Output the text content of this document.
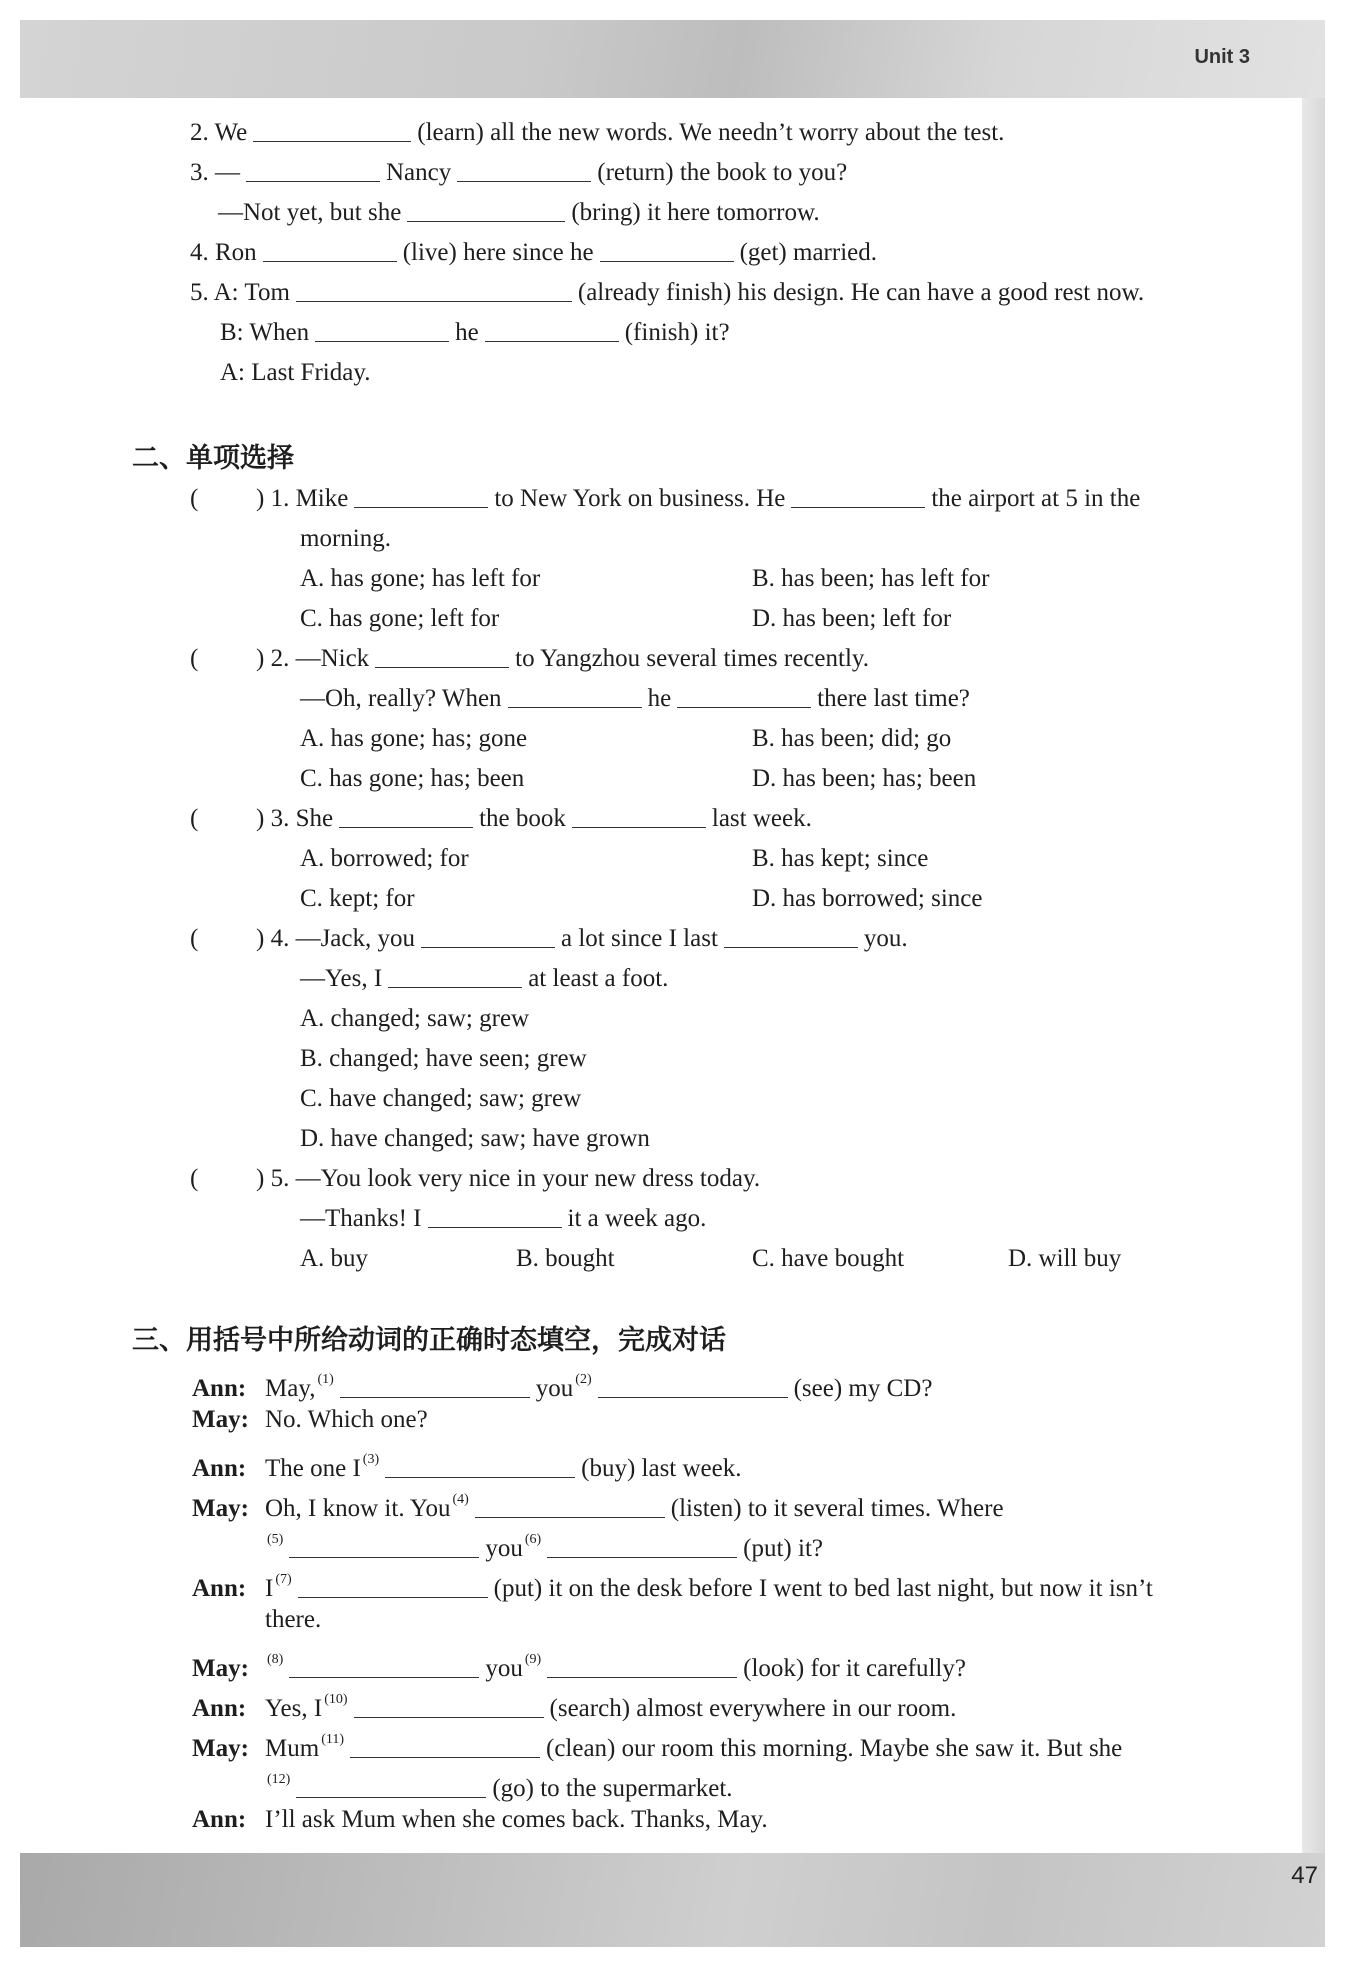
Unit 3
47
2. We	(learn) all the new words. We needn’t worry about the test.
3. —	Nancy	(return) the book to you?
—Not yet, but she	(bring) it here tomorrow.
4. Ron	(live) here since he	(get) married.
5. A: Tom	(already finish) his design. He can have a good rest now.
B: When	he	(finish) it?
A: Last Friday.
二、单项选择
( ) 1. Mike	to New York on business. He	the airport at 5 in the
morning.
A. has gone; has left for	B. has been; has left for
C. has gone; left for	D. has been; left for
( ) 2. —Nick	to Yangzhou several times recently.
—Oh, really? When	he	there last time?
A. has gone; has; gone	B. has been; did; go
C. has gone; has; been	D. has been; has; been
( ) 3. She	the book	last week.
A. borrowed; for	B. has kept; since
C. kept; for	D. has borrowed; since
( ) 4. —Jack, you	a lot since I last	you.
—Yes, I	at least a foot.
A. changed; saw; grew
B. changed; have seen; grew
C. have changed; saw; grew
D. have changed; saw; have grown
( ) 5. —You look very nice in your new dress today.
—Thanks! I	it a week ago.
A. buy	B. bought	C. have bought	D. will buy
三、用括号中所给动词的正确时态填空，完成对话
Ann: May, $^{(1)}$	you $^{(2)}$	(see) my CD?
May: No. Which one?
Ann: The one I $^{(3)}$	(buy) last week.
May: Oh, I know it. You $^{(4)}$	(listen) to it several times. Where
$^{(5)}$	you $^{(6)}$	(put) it?
Ann: I $^{(7)}$	(put) it on the desk before I went to bed last night, but now it isn’t
there.
May: $^{(8)}$	you $^{(9)}$	(look) for it carefully?
Ann: Yes, I $^{(10)}$	(search) almost everywhere in our room.
May: Mum $^{(11)}$	(clean) our room this morning. Maybe she saw it. But she
$^{(12)}$	(go) to the supermarket.
Ann: I’ll ask Mum when she comes back. Thanks, May.
